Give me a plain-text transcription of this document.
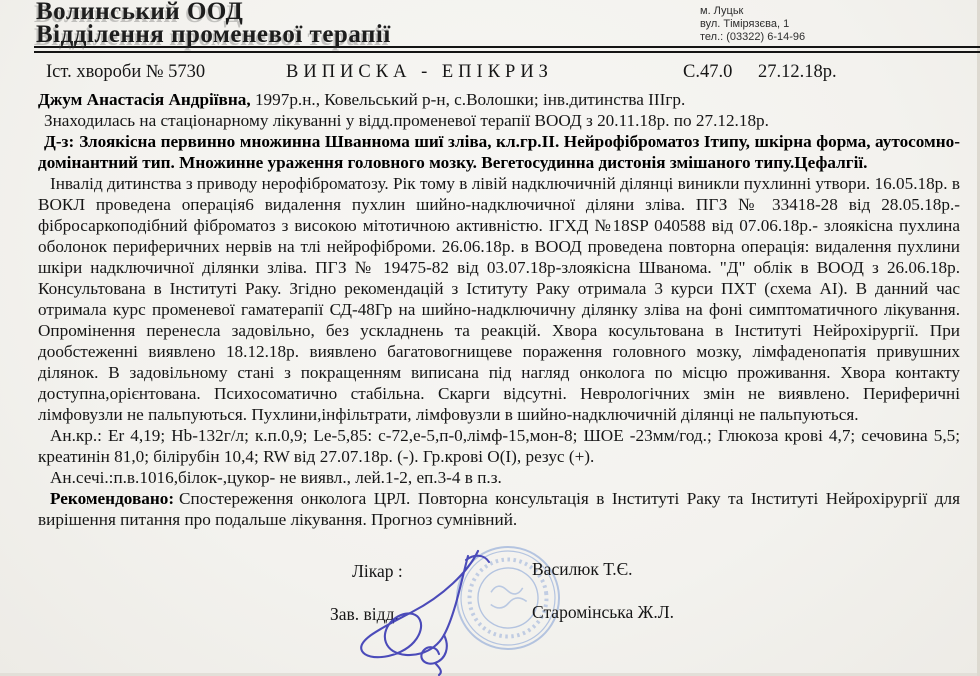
Волинський ООД
Відділення променевої терапії
м. Луцьк
вул. Тімірязєва, 1
тел.: (03322) 6-14-96
Іст. хвороби № 5730	ВИПИСКА - ЕПІКРИЗ	С.47.0 27.12.18р.

Джум Анастасія Андріївна, 1997р.н., Ковельський р-н, с.Волошки; інв.дитинства ІІІгр.

Знаходилась на стаціонарному лікуванні у відд.променевої терапії ВООД з 20.11.18р. по 27.12.18р.

Д-з: Злоякісна первинно множинна Шваннома шиї зліва, кл.гр.ІІ. Нейрофіброматоз Ітипу, шкірна форма, аутосомно-домінантний тип. Множинне ураження головного мозку. Вегетосудинна дистонія змішаного типу.Цефалгії.

Інвалід дитинства з приводу нерофіброматозу. Рік тому в лівій надключичній ділянці виникли пухлинні утвори. 16.05.18р. в ВОКЛ проведена операція6 видалення пухлин шийно-надключичної діляни зліва. ПГЗ № 33418-28 від 28.05.18р.- фібросаркоподібний фіброматоз з високою мітотичною активністю. ІГХД №18SP 040588 від 07.06.18р.- злоякісна пухлина оболонок периферичних нервів на тлі нейрофіброми. 26.06.18р. в ВООД проведена повторна операція: видалення пухлини шкіри надключичної ділянки зліва. ПГЗ № 19475-82 від 03.07.18р-злоякісна Шванома. "Д" облік в ВООД з 26.06.18р. Консультована в Інституті Раку. Згідно рекомендацій з Іституту Раку отримала 3 курси ПХТ (схема АІ). В данний час отримала курс променевої гаматерапії СД-48Гр на шийно-надключичну ділянку зліва на фоні симптоматичного лікування. Опромінення перенесла задовільно, без ускладнень та реакцій. Хвора косультована в Інституті Нейрохірургії. При дообстеженні виявлено 18.12.18р. виявлено багатовогнищеве пораження головного мозку, лімфаденопатія привушних ділянок. В задовільному стані з покращенням виписана під нагляд онколога по місцю проживання. Хвора контакту доступна,орієнтована. Психосоматично стабільна. Скарги відсутні. Неврологічних змін не виявлено. Периферичні лімфовузли не пальпуються. Пухлини,інфільтрати, лімфовузли в шийно-надключичній ділянці не пальпуються.

Ан.кр.: Er 4,19; Hb-132г/л; к.п.0,9; Le-5,85: с-72,е-5,п-0,лімф-15,мон-8; ШОЕ -23мм/год.; Глюкоза крові 4,7; сечовина 5,5; креатинін 81,0; білірубін 10,4; RW від 27.07.18р. (-). Гр.крові О(І), резус (+).

Ан.сечі.:п.в.1016,білок-,цукор- не виявл., лей.1-2, еп.3-4 в п.з.

Рекомендовано: Спостереження онколога ЦРЛ. Повторна консультація в Інституті Раку та Інституті Нейрохірургії для вирішення питання про подальше лікування. Прогноз сумнівний.

Лікар :	Василюк Т.Є.
Зав. відд.	Старомінська Ж.Л.
